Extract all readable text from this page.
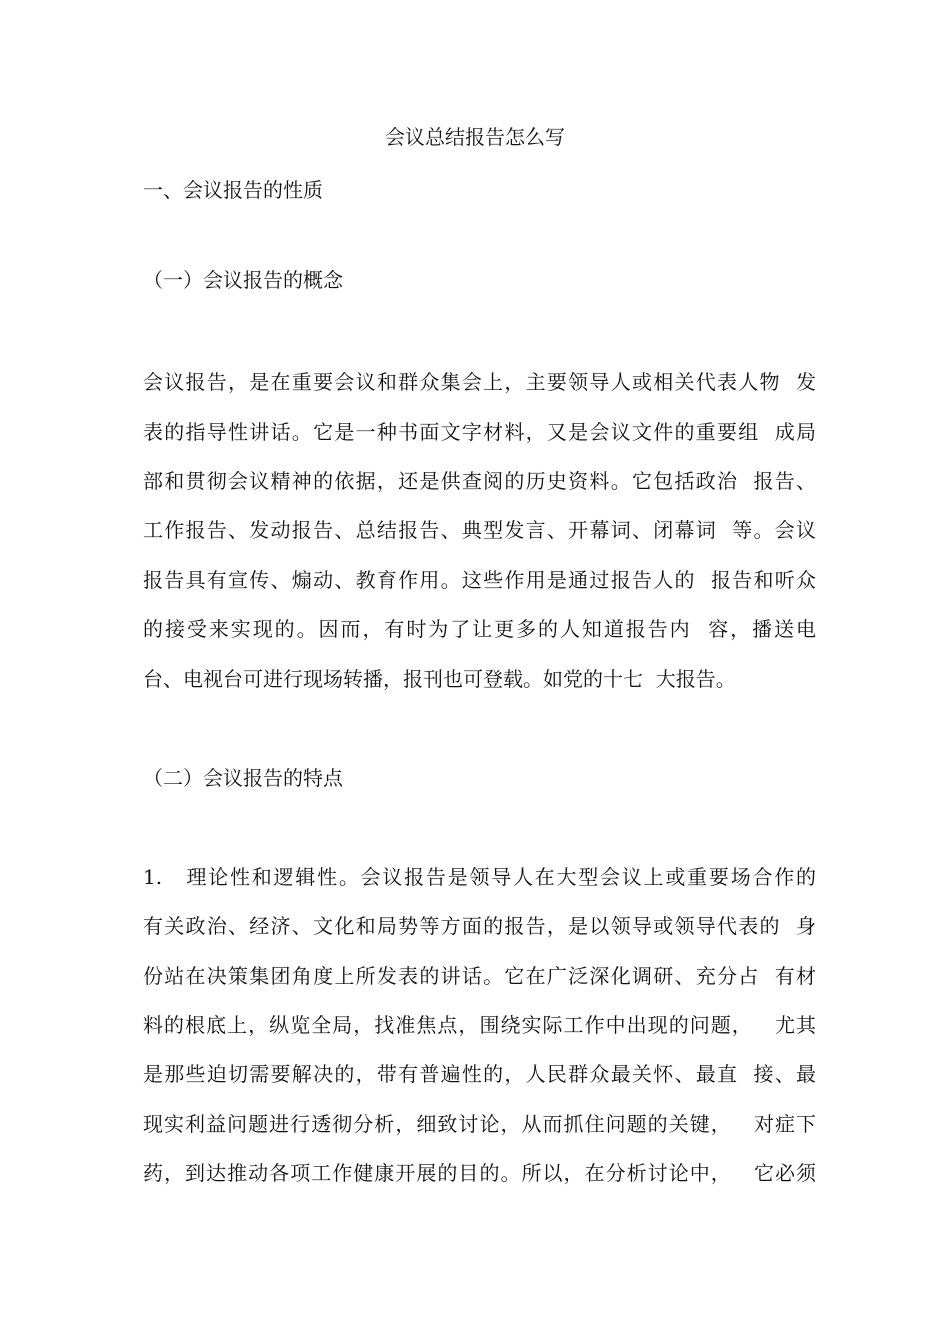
会议总结报告怎么写

一、会议报告的性质

（一）会议报告的概念

会议报告，是在重要会议和群众集会上，主要领导人或相关代表人物  发

表的指导性讲话。它是一种书面文字材料，又是会议文件的重要组  成局

部和贯彻会议精神的依据，还是供查阅的历史资料。它包括政治  报告、

工作报告、发动报告、总结报告、典型发言、开幕词、闭幕词  等。会议

报告具有宣传、煽动、教育作用。这些作用是通过报告人的  报告和听众

的接受来实现的。因而，有时为了让更多的人知道报告内  容，播送电

台、电视台可进行现场转播，报刊也可登载。如党的十七  大报告。

（二）会议报告的特点

1.   理论性和逻辑性。会议报告是领导人在大型会议上或重要场合作的

有关政治、经济、文化和局势等方面的报告，是以领导或领导代表的  身

份站在决策集团角度上所发表的讲话。它在广泛深化调研、充分占  有材

料的根底上，纵览全局，找准焦点，围绕实际工作中出现的问题，   尤其

是那些迫切需要解决的，带有普遍性的，人民群众最关怀、最直  接、最

现实利益问题进行透彻分析，细致讨论，从而抓住问题的关键，   对症下

药，到达推动各项工作健康开展的目的。所以，在分析讨论中，   它必须
